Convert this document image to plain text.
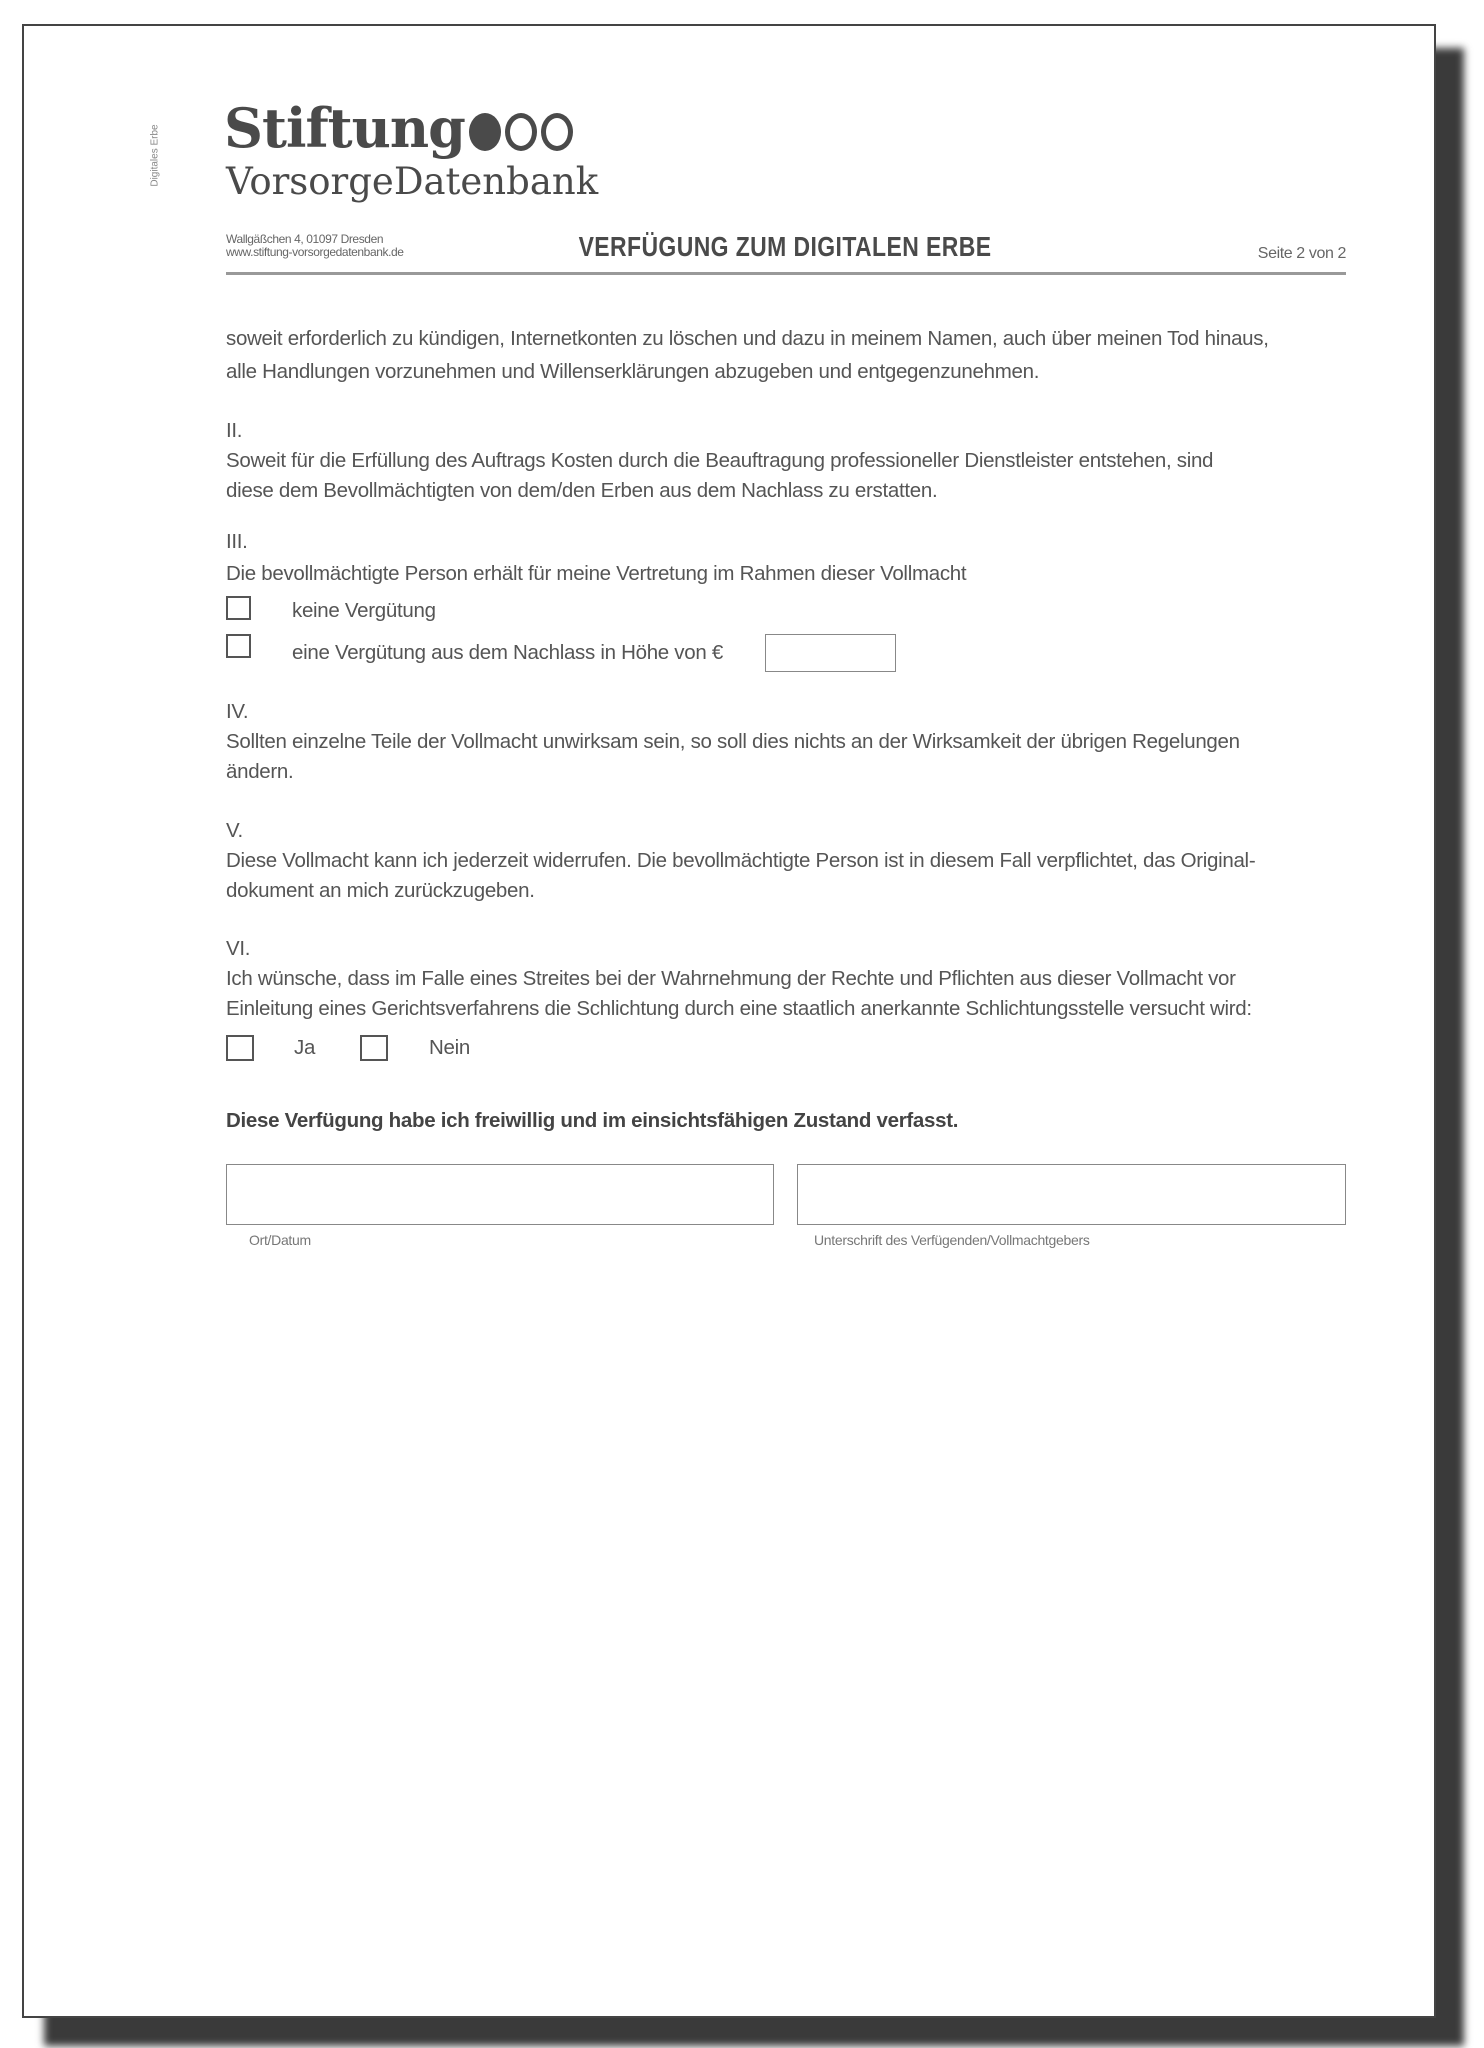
Digitales Erbe Stiftung
VorsorgeDatenbank
Wallgäßchen 4, 01097 Dresden
www.stiftung-vorsorgedatenbank.de	VERFÜGUNG ZUM DIGITALEN ERBE	Seite 2 von 2
soweit erforderlich zu kündigen, Internetkonten zu löschen und dazu in meinem Namen, auch über meinen Tod hinaus,
alle Handlungen vorzunehmen und Willenserklärungen abzugeben und entgegenzunehmen.
II.
Soweit für die Erfüllung des Auftrags Kosten durch die Beauftragung professioneller Dienstleister entstehen, sind
diese dem Bevollmächtigten von dem/den Erben aus dem Nachlass zu erstatten.
III.
Die bevollmächtigte Person erhält für meine Vertretung im Rahmen dieser Vollmacht
keine Vergütung
eine Vergütung aus dem Nachlass in Höhe von €
IV.
Sollten einzelne Teile der Vollmacht unwirksam sein, so soll dies nichts an der Wirksamkeit der übrigen Regelungen
ändern.
V.
Diese Vollmacht kann ich jederzeit widerrufen. Die bevollmächtigte Person ist in diesem Fall verpflichtet, das Original-
dokument an mich zurückzugeben.
VI.
Ich wünsche, dass im Falle eines Streites bei der Wahrnehmung der Rechte und Pflichten aus dieser Vollmacht vor
Einleitung eines Gerichtsverfahrens die Schlichtung durch eine staatlich anerkannte Schlichtungsstelle versucht wird:
Ja	Nein
Diese Verfügung habe ich freiwillig und im einsichtsfähigen Zustand verfasst.
Ort/Datum	Unterschrift des Verfügenden/Vollmachtgebers
